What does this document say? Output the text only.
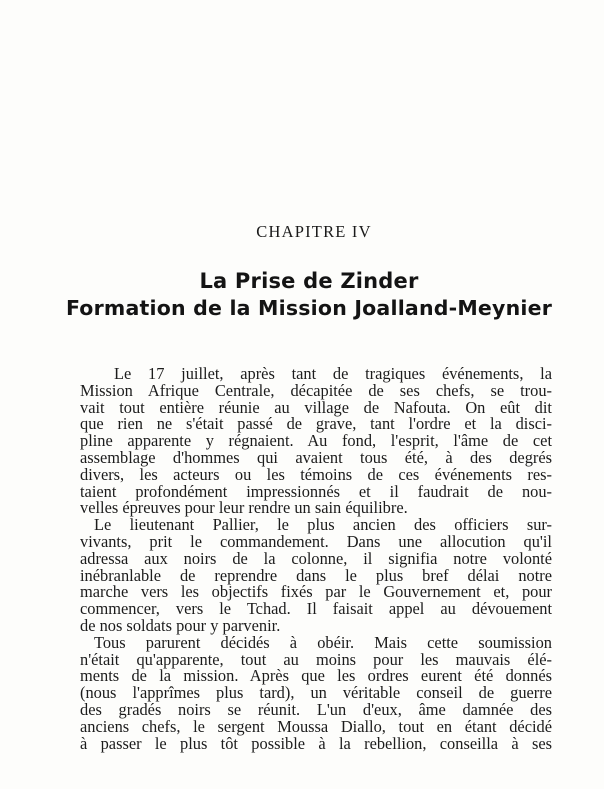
CHAPITRE IV
La Prise de Zinder
Formation de la Mission Joalland-Meynier
Le 17 juillet, après tant de tragiques événements, la
Mission Afrique Centrale, décapitée de ses chefs, se trou-
vait tout entière réunie au village de Nafouta. On eût dit
que rien ne s'était passé de grave, tant l'ordre et la disci-
pline apparente y régnaient. Au fond, l'esprit, l'âme de cet
assemblage d'hommes qui avaient tous été, à des degrés
divers, les acteurs ou les témoins de ces événements res-
taient profondément impressionnés et il faudrait de nou-
velles épreuves pour leur rendre un sain équilibre.
Le lieutenant Pallier, le plus ancien des officiers sur-
vivants, prit le commandement. Dans une allocution qu'il
adressa aux noirs de la colonne, il signifia notre volonté
inébranlable de reprendre dans le plus bref délai notre
marche vers les objectifs fixés par le Gouvernement et, pour
commencer, vers le Tchad. Il faisait appel au dévouement
de nos soldats pour y parvenir.
Tous parurent décidés à obéir. Mais cette soumission
n'était qu'apparente, tout au moins pour les mauvais élé-
ments de la mission. Après que les ordres eurent été donnés
(nous l'apprîmes plus tard), un véritable conseil de guerre
des gradés noirs se réunit. L'un d'eux, âme damnée des
anciens chefs, le sergent Moussa Diallo, tout en étant décidé
à passer le plus tôt possible à la rebellion, conseilla à ses
